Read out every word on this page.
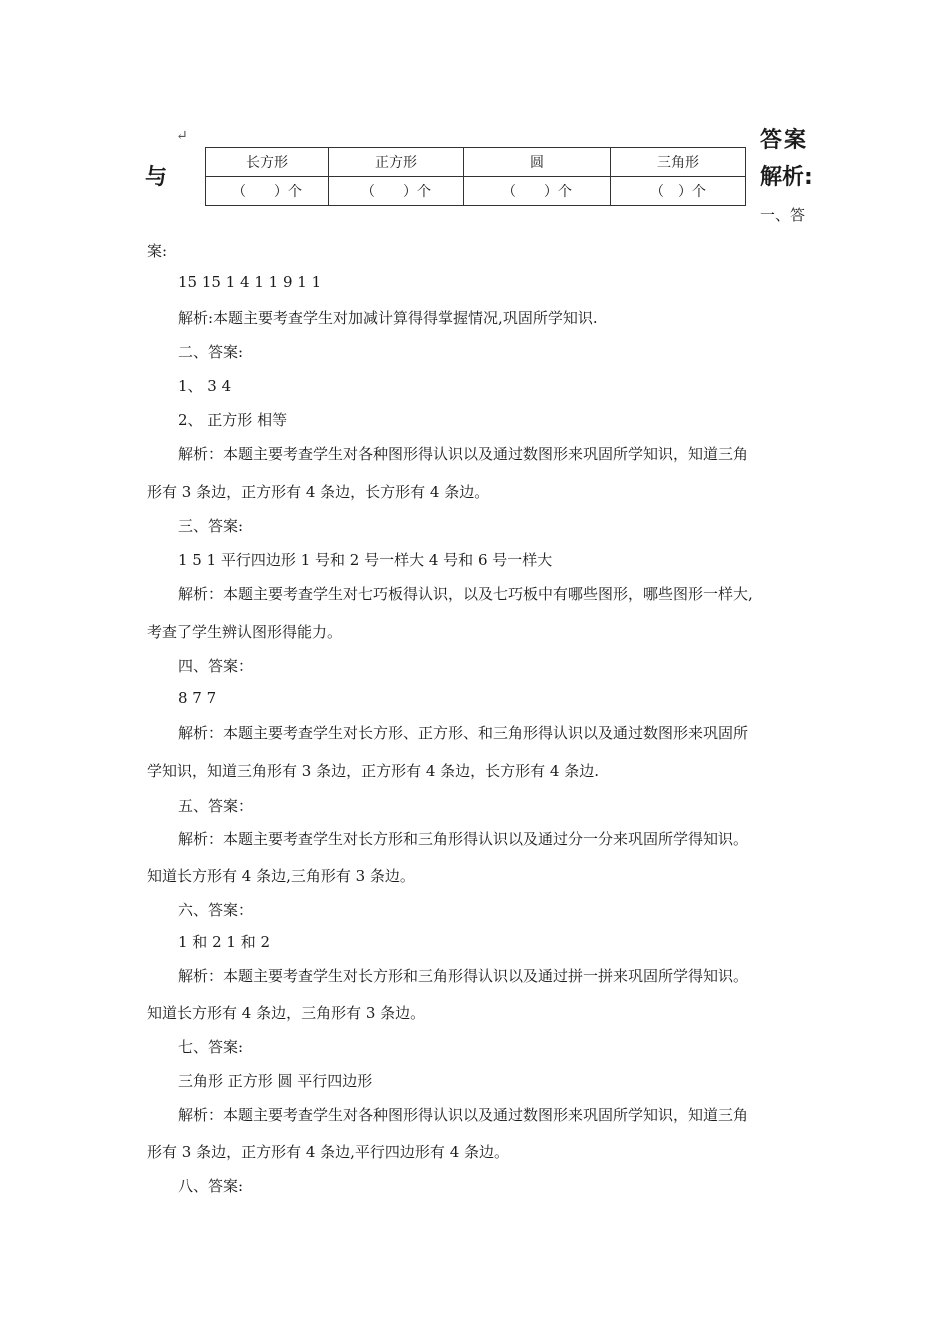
↵
与
答案
解析:
一、答
案:
长方形	正方形	圆	三角形
（　　）个	（　　）个	（　　）个	（　）个
15 15 1 4 1 1 9 1 1
解析:本题主要考查学生对加减计算得得掌握情况,巩固所学知识.
二、答案:
1、 3 4
2、 正方形 相等
解析：本题主要考查学生对各种图形得认识以及通过数图形来巩固所学知识，知道三角
形有 3 条边，正方形有 4 条边，长方形有 4 条边。
三、答案:
1 5 1 平行四边形 1 号和 2 号一样大 4 号和 6 号一样大
解析：本题主要考查学生对七巧板得认识，以及七巧板中有哪些图形，哪些图形一样大,
考查了学生辨认图形得能力。
四、答案：
8 7 7
解析：本题主要考查学生对长方形、正方形、和三角形得认识以及通过数图形来巩固所
学知识，知道三角形有 3 条边，正方形有 4 条边，长方形有 4 条边.
五、答案：
解析：本题主要考查学生对长方形和三角形得认识以及通过分一分来巩固所学得知识。
知道长方形有 4 条边,三角形有 3 条边。
六、答案：
1 和 2 1 和 2
解析：本题主要考查学生对长方形和三角形得认识以及通过拼一拼来巩固所学得知识。
知道长方形有 4 条边，三角形有 3 条边。
七、答案:
三角形 正方形 圆 平行四边形
解析：本题主要考查学生对各种图形得认识以及通过数图形来巩固所学知识，知道三角
形有 3 条边，正方形有 4 条边,平行四边形有 4 条边。
八、答案:
